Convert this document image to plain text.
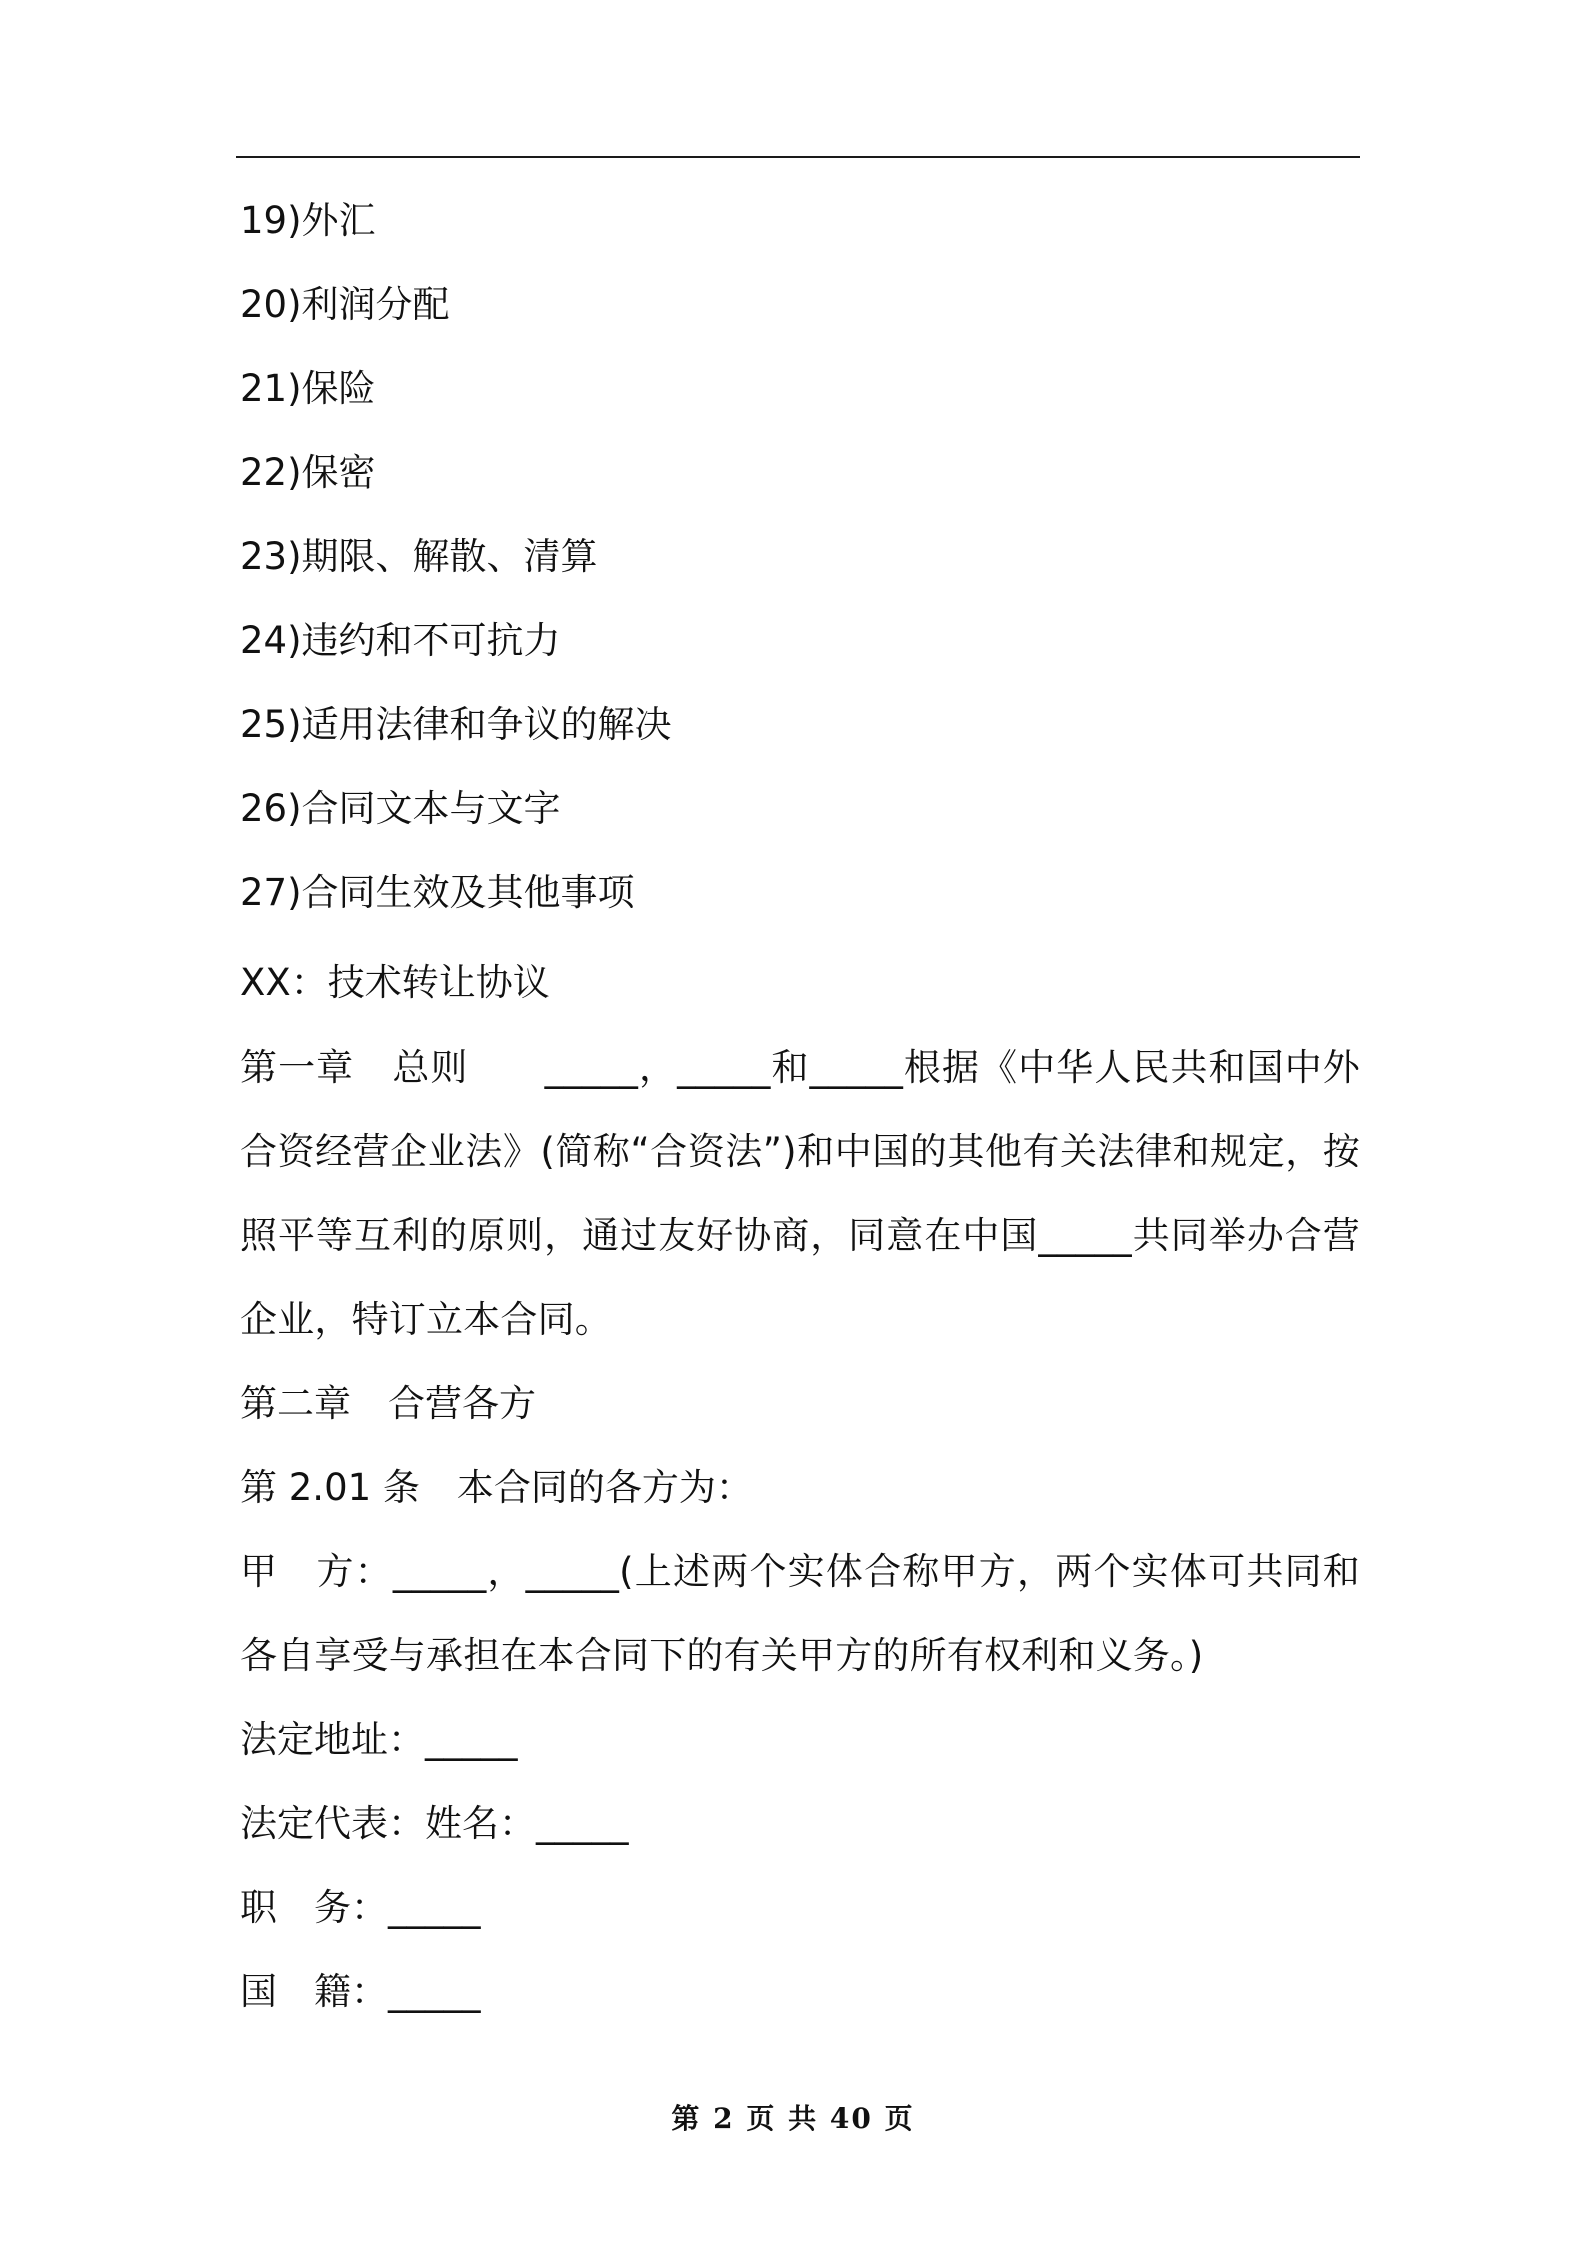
19)外汇
20)利润分配
21)保险
22)保密
23)期限、解散、清算
24)违约和不可抗力
25)适用法律和争议的解决
26)合同文本与文字
27)合同生效及其他事项
XX：技术转让协议

第一章　总则　　_____，_____和_____根据《中华人民共和国中外合资经营企业法》(简称“合资法”)和中国的其他有关法律和规定，按照平等互利的原则，通过友好协商，同意在中国_____共同举办合营企业，特订立本合同。

第二章　合营各方

第 2.01 条　本合同的各方为：

甲　方：_____，_____(上述两个实体合称甲方，两个实体可共同和各自享受与承担在本合同下的有关甲方的所有权利和义务。)

法定地址：_____

法定代表：姓名：_____

职　务：_____

国　籍：_____

第 2 页 共 40 页
